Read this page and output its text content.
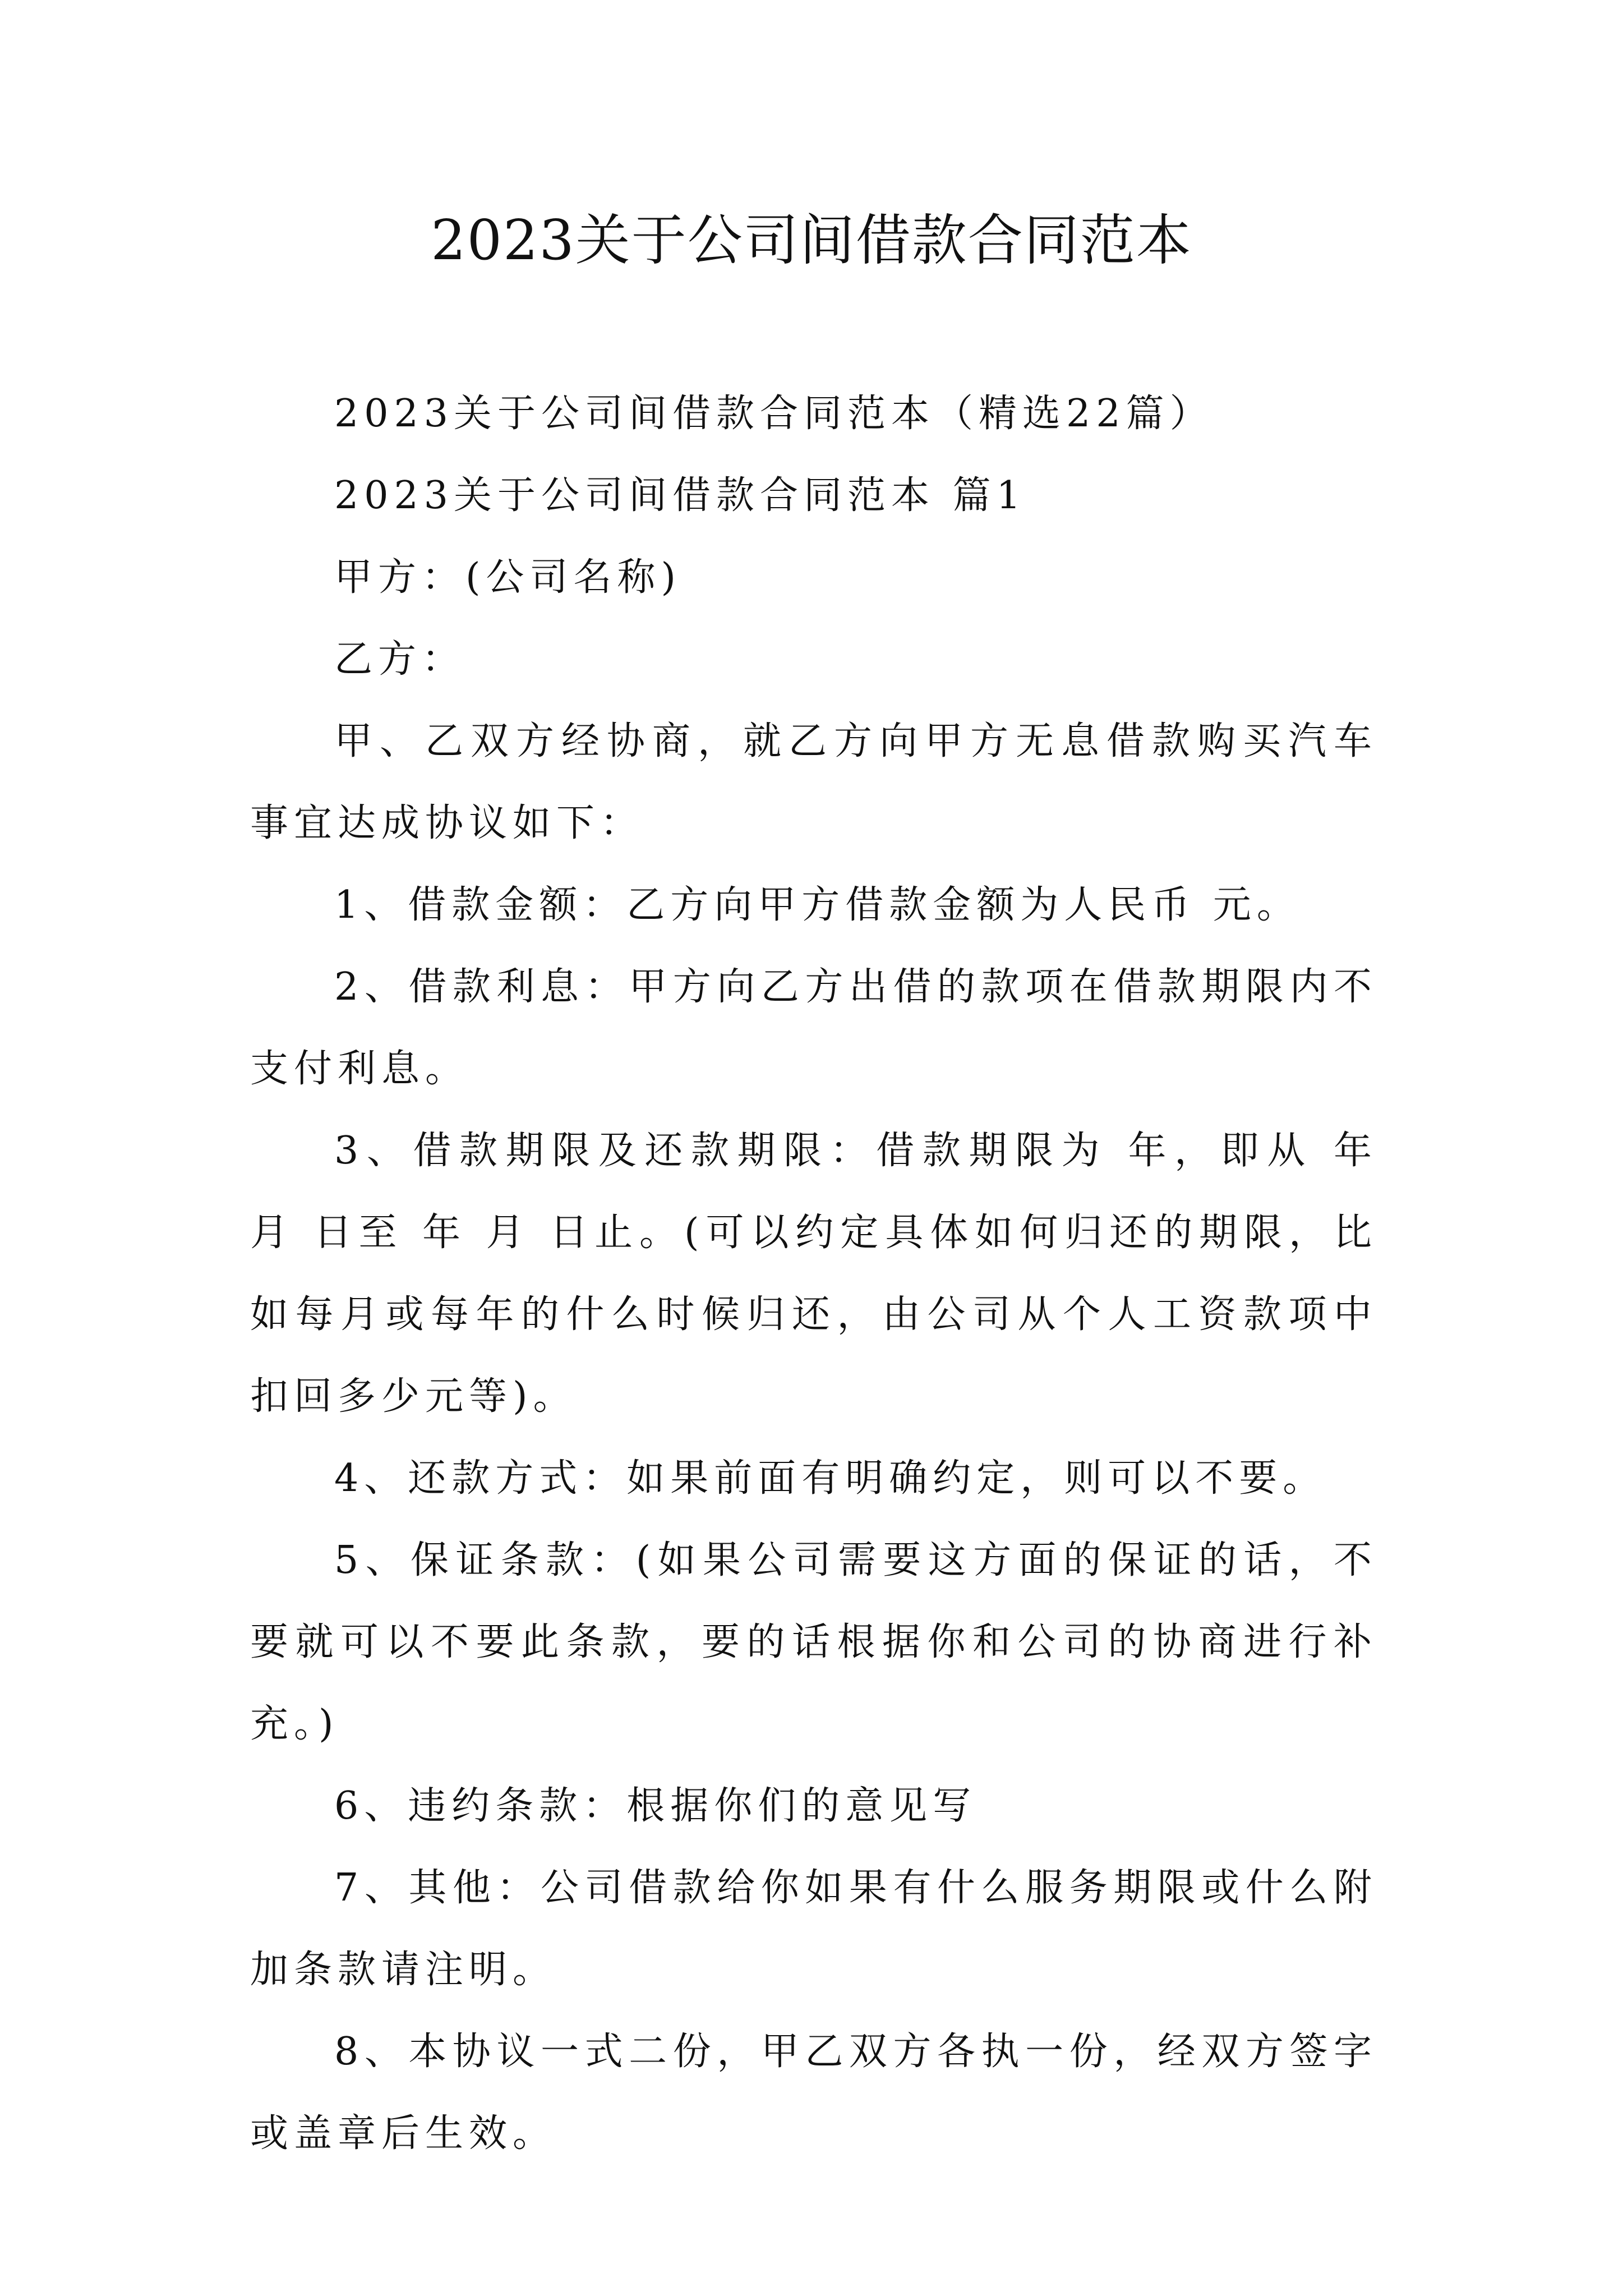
2023关于公司间借款合同范本

2023关于公司间借款合同范本（精选22篇）

2023关于公司间借款合同范本 篇1

甲方：(公司名称)

乙方：

甲、乙双方经协商，就乙方向甲方无息借款购买汽车事宜达成协议如下：

1、借款金额：乙方向甲方借款金额为人民币 元。

2、借款利息：甲方向乙方出借的款项在借款期限内不支付利息。

3、借款期限及还款期限：借款期限为 年，即从 年 月 日至 年 月 日止。(可以约定具体如何归还的期限，比如每月或每年的什么时候归还，由公司从个人工资款项中扣回多少元等)。

4、还款方式：如果前面有明确约定，则可以不要。

5、保证条款：(如果公司需要这方面的保证的话，不要就可以不要此条款，要的话根据你和公司的协商进行补充。)

6、违约条款：根据你们的意见写

7、其他：公司借款给你如果有什么服务期限或什么附加条款请注明。

8、本协议一式二份，甲乙双方各执一份，经双方签字或盖章后生效。
